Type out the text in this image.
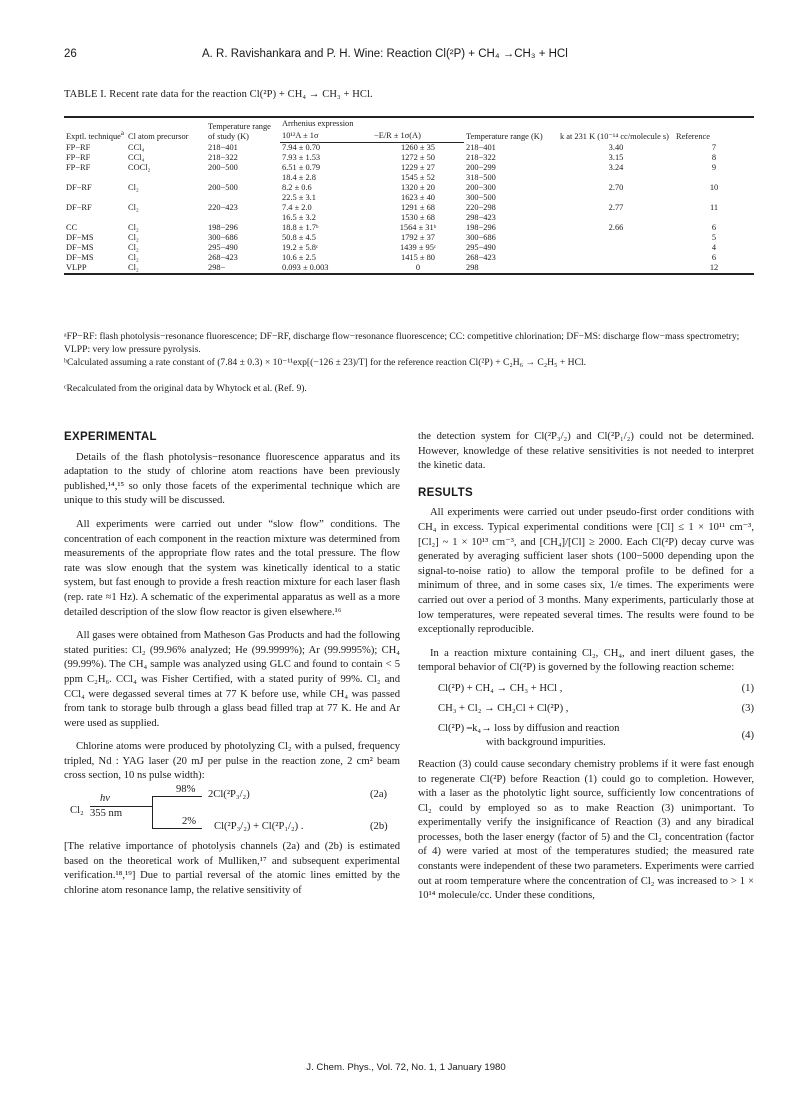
26	A. R. Ravishankara and P. H. Wine: Reaction Cl(²P) + CH₄ →CH₃ + HCl
TABLE I. Recent rate data for the reaction Cl(²P) + CH₄ → CH₃ + HCl.
Exptl. technique$^a$	Cl atom precursor	Temperature range of study (K)	Arrhenius expression		Temperature range (K)	k at 231 K (10⁻¹⁴ cc/molecule s)	Reference
			10¹²A ± 1σ	−E/R ± 1σ(A)			
FP−RF	CCl₄	218−401	7.94 ± 0.70	1260 ± 35	218−401	3.40	7
FP−RF	CCl₄	218−322	7.93 ± 1.53	1272 ± 50	218−322	3.15	8
FP−RF	COCl₂	200−500	6.51 ± 0.79	1229 ± 27	200−299	3.24	9
			18.4 ± 2.8	1545 ± 52	318−500		
DF−RF	Cl₂	200−500	8.2 ± 0.6	1320 ± 20	200−300	2.70	10
			22.5 ± 3.1	1623 ± 40	300−500		
DF−RF	Cl₂	220−423	7.4 ± 2.0	1291 ± 68	220−298	2.77	11
			16.5 ± 3.2	1530 ± 68	298−423		
CC	Cl₂	198−296	18.8 ± 1.7ᵇ	1564 ± 31ᵇ	198−296	2.66	6
DF−MS	Cl₂	300−686	50.8 ± 4.5	1792 ± 37	300−686		5
DF−MS	Cl₂	295−490	19.2 ± 5.8ᶜ	1439 ± 95ᶜ	295−490		4
DF−MS	Cl₂	268−423	10.6 ± 2.5	1415 ± 80	268−423		6
VLPP	Cl₂	298−	0.093 ± 0.003	0	298		12
ᵃFP−RF: flash photolysis−resonance fluorescence; DF−RF, discharge flow−resonance fluorescence; CC: competitive chlorination; DF−MS: discharge flow−mass spectrometry; VLPP: very low pressure pyrolysis.
ᵇCalculated assuming a rate constant of (7.84 ± 0.3) × 10⁻¹¹exp[(−126 ± 23)/T] for the reference reaction Cl(²P) + C₂H₆ → C₂H₅ + HCl.
ᶜRecalculated from the original data by Whytock et al. (Ref. 9).
EXPERIMENTAL

Details of the flash photolysis−resonance fluorescence apparatus and its adaptation to the study of chlorine atom reactions have been previously published,¹⁴,¹⁵ so only those facets of the experimental technique which are unique to this study will be discussed.

All experiments were carried out under “slow flow” conditions. The concentration of each component in the reaction mixture was determined from measurements of the appropriate flow rates and the total pressure. The flow rate was slow enough that the system was kinetically identical to a static system, but fast enough to provide a fresh reaction mixture for each laser flash (rep. rate ≈1 Hz). A schematic of the experimental apparatus as well as a more detailed description of the slow flow reactor is given elsewhere.¹⁶

All gases were obtained from Matheson Gas Products and had the following stated purities: Cl₂ (99.96% analyzed; He (99.9999%); Ar (99.9995%); CH₄ (99.99%). The CH₄ sample was analyzed using GLC and found to contain < 5 ppm C₂H₆. CCl₄ was Fisher Certified, with a stated purity of 99%. Cl₂ and CCl₄ were degassed several times at 77 K before use, while CH₄ was passed from tank to storage bulb through a glass bead filled trap at 77 K. He and Ar were used as supplied.

Chlorine atoms were produced by photolyzing Cl₂ with a pulsed, frequency tripled, Nd : YAG laser (20 mJ per pulse in the reaction zone, 2 cm² beam cross section, 10 ns pulse width):

Cl₂
hν
355 nm
98% 2Cl(²P₃/₂)	(2a)
2% Cl(²P₃/₂) + Cl(²P₁/₂) .	(2b)

[The relative importance of photolysis channels (2a) and (2b) is estimated based on the theoretical work of Mulliken,¹⁷ and subsequent experimental verification.¹⁸,¹⁹] Due to partial reversal of the atomic lines emitted by the chlorine atom resonance lamp, the relative sensitivity of

the detection system for Cl(²P₃/₂) and Cl(²P₁/₂) could not be determined. However, knowledge of these relative sensitivities is not needed to interpret the kinetic data.

RESULTS

All experiments were carried out under pseudo-first order conditions with CH₄ in excess. Typical experimental conditions were [Cl] ≤ 1 × 10¹¹ cm⁻³, [Cl₂] ~ 1 × 10¹³ cm⁻³, and [CH₄]/[Cl] ≥ 2000. Each Cl(²P) decay curve was generated by averaging sufficient laser shots (100−5000 depending upon the signal-to-noise ratio) to allow the temporal profile to be defined for a minimum of three, and in some cases six, 1/e times. The experiments were carried out over a period of 3 months. Many experiments, particularly those at low temperatures, were repeated several times. The results were found to be exceptionally reproducible.

In a reaction mixture containing Cl₂, CH₄, and inert diluent gases, the temporal behavior of Cl(²P) is governed by the following reaction scheme:

Cl(²P) + CH₄ → CH₃ + HCl ,	(1)
CH₃ + Cl₂ → CH₂Cl + Cl(²P) ,	(3)
Cl(²P) ⎯k₄→ loss by diffusion and reaction
with background impurities.
(4)

Reaction (3) could cause secondary chemistry problems if it were fast enough to regenerate Cl(²P) before Reaction (1) could go to completion. However, with a laser as the photolytic light source, sufficiently low concentrations of Cl₂ could by employed so as to make Reaction (3) unimportant. To experimentally verify the insignificance of Reaction (3) and any biradical processes, both the laser energy (factor of 5) and the Cl₂ concentration (factor of 4) were varied at most of the temperatures studied; the measured rate constants were independent of these two parameters. Experiments were carried out at room temperature where the concentration of Cl₂ was increased to > 1 × 10¹⁴ molecule/cc. Under these conditions,

J. Chem. Phys., Vol. 72, No. 1, 1 January 1980
